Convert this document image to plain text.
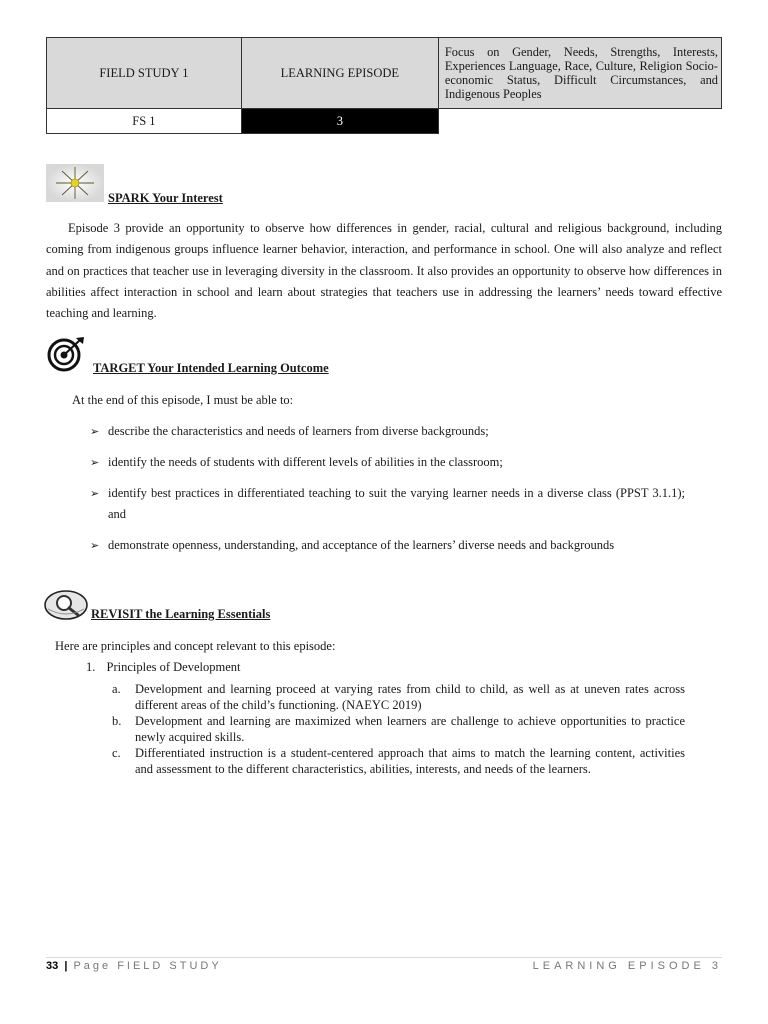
FIELD STUDY 1	LEARNING EPISODE	Focus on Gender, Needs, Strengths, Interests, Experiences Language, Race, Culture, Religion Socio-economic Status, Difficult Circumstances, and Indigenous Peoples
FS 1	3	
SPARK Your Interest
Episode 3 provide an opportunity to observe how differences in gender, racial, cultural and religious background, including coming from indigenous groups influence learner behavior, interaction, and performance in school. One will also analyze and reflect and on practices that teacher use in leveraging diversity in the classroom. It also provides an opportunity to observe how differences in abilities affect interaction in school and learn about strategies that teachers use in addressing the learners’ needs toward effective teaching and learning.
TARGET Your Intended Learning Outcome
At the end of this episode, I must be able to:
➢ describe the characteristics and needs of learners from diverse backgrounds;
➢ identify the needs of students with different levels of abilities in the classroom;
➢ identify best practices in differentiated teaching to suit the varying learner needs in a diverse class (PPST 3.1.1); and
➢ demonstrate openness, understanding, and acceptance of the learners’ diverse needs and backgrounds
REVISIT the Learning Essentials
Here are principles and concept relevant to this episode:
1. Principles of Development
a. Development and learning proceed at varying rates from child to child, as well as at uneven rates across different areas of the child’s functioning. (NAEYC 2019)
b. Development and learning are maximized when learners are challenge to achieve opportunities to practice newly acquired skills.
c. Differentiated instruction is a student-centered approach that aims to match the learning content, activities and assessment to the different characteristics, abilities, interests, and needs of the learners.
33 | Page FIELD STUDY	LEARNING EPISODE 3
